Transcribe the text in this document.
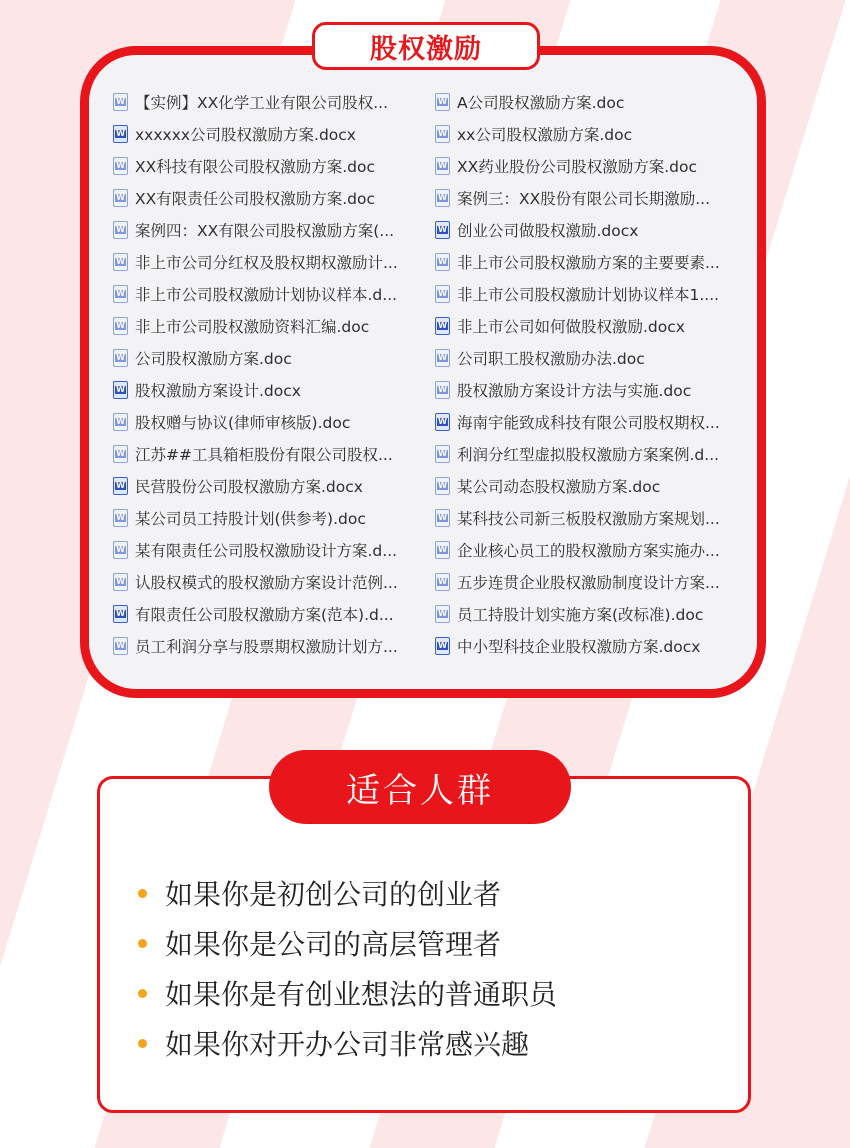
股权激励
W
【实例】XX化学工业有限公司股权... W	A公司股权激励方案.doc
W
xxxxxx公司股权激励方案.docx W	xx公司股权激励方案.doc
W
XX科技有限公司股权激励方案.doc W	XX药业股份公司股权激励方案.doc
W
XX有限责任公司股权激励方案.doc W	案例三：XX股份有限公司长期激励...
W
案例四：XX有限公司股权激励方案(... W	创业公司做股权激励.docx
W
非上市公司分红权及股权期权激励计... W	非上市公司股权激励方案的主要要素...
W
非上市公司股权激励计划协议样本.d... W	非上市公司股权激励计划协议样本1....
W
非上市公司股权激励资料汇编.doc W	非上市公司如何做股权激励.docx
W
公司股权激励方案.doc W	公司职工股权激励办法.doc
W
股权激励方案设计.docx W	股权激励方案设计方法与实施.doc
W
股权赠与协议(律师审核版).doc W	海南宇能致成科技有限公司股权期权...
W
江苏##工具箱柜股份有限公司股权... W	利润分红型虚拟股权激励方案案例.d...
W
民营股份公司股权激励方案.docx W	某公司动态股权激励方案.doc
W
某公司员工持股计划(供参考).doc W	某科技公司新三板股权激励方案规划...
W
某有限责任公司股权激励设计方案.d... W	企业核心员工的股权激励方案实施办...
W
认股权模式的股权激励方案设计范例... W	五步连贯企业股权激励制度设计方案...
W
有限责任公司股权激励方案(范本).d... W	员工持股计划实施方案(改标准).doc
W
员工利润分享与股票期权激励计划方... W	中小型科技企业股权激励方案.docx
适合人群
如果你是初创公司的创业者
如果你是公司的高层管理者
如果你是有创业想法的普通职员
如果你对开办公司非常感兴趣
